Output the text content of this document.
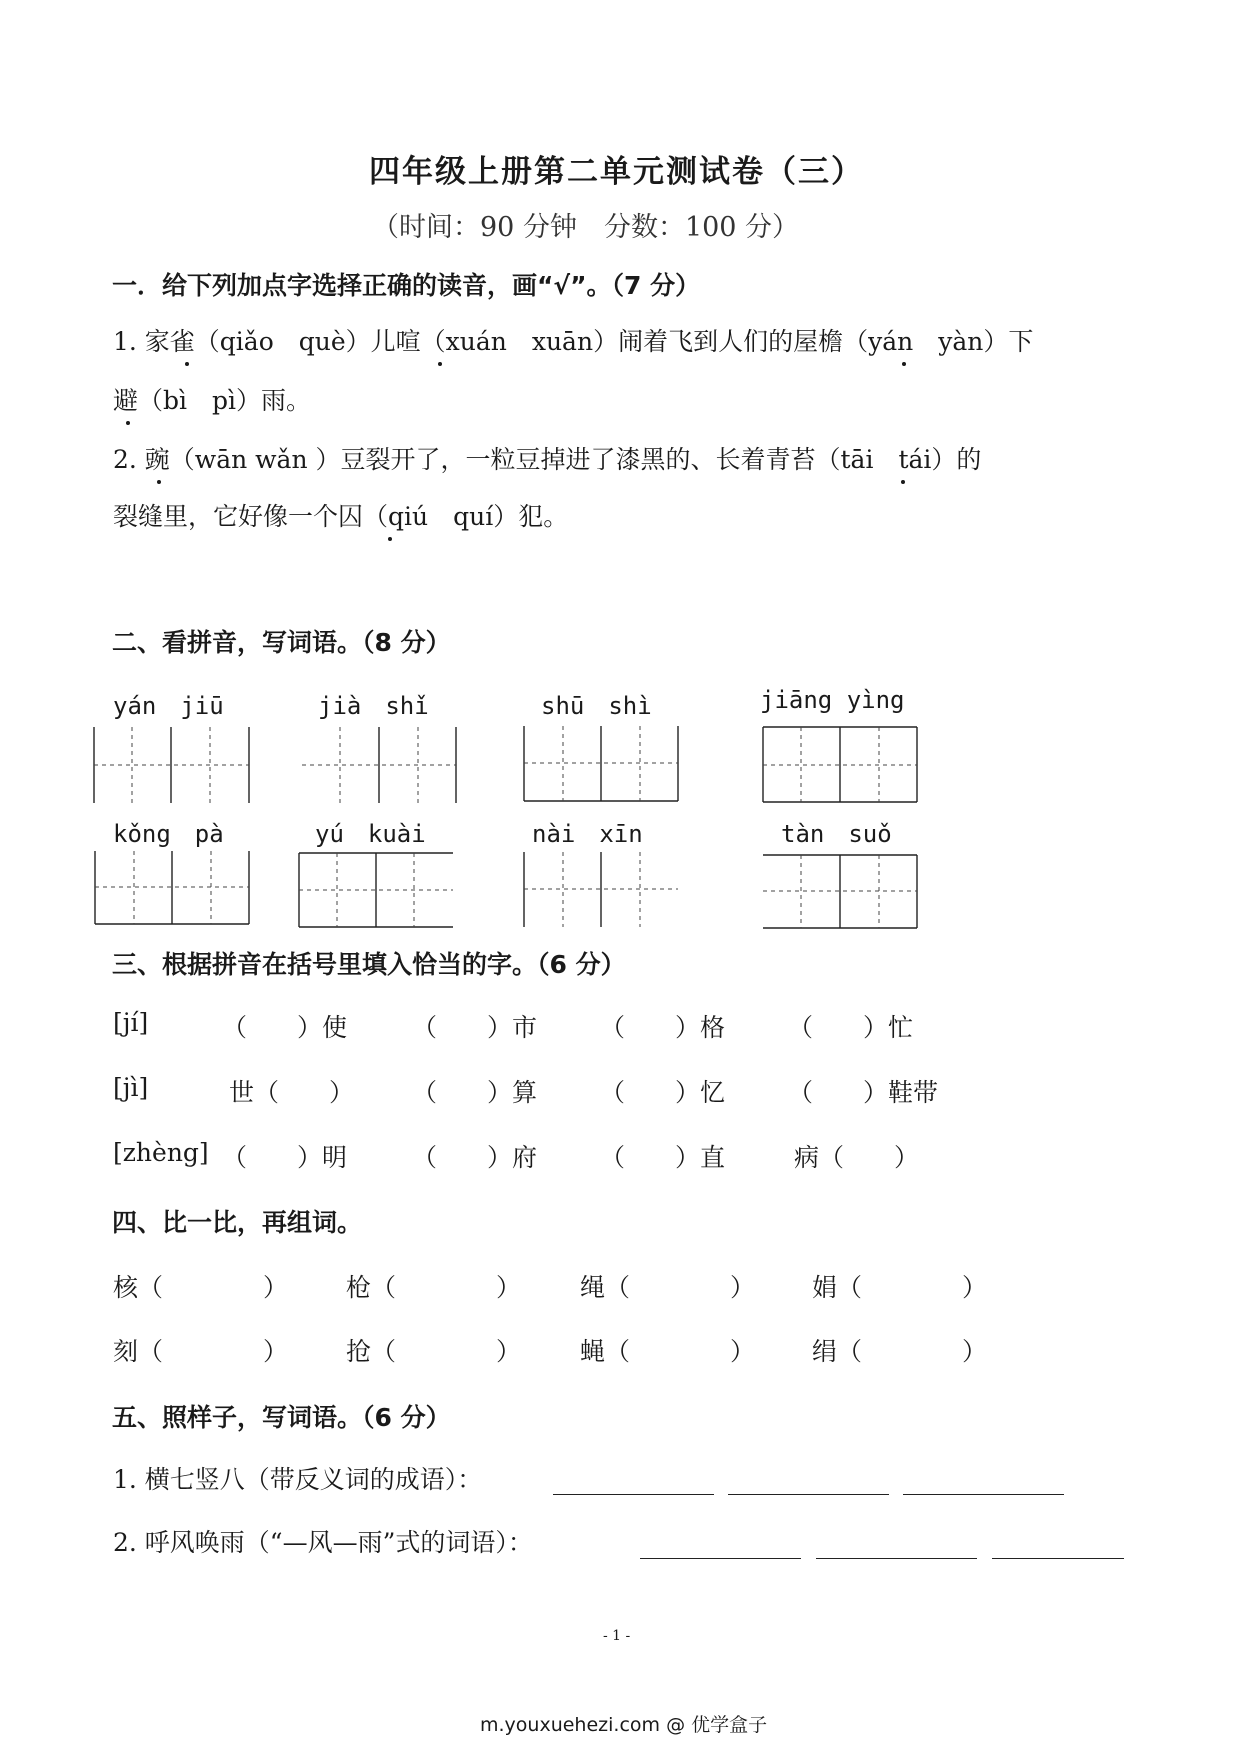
四年级上册第二单元测试卷（三）
（时间：90 分钟　分数：100 分）
一．给下列加点字选择正确的读音，画“√”。（7 分）
1. 家雀（qiǎo　què）儿喧（xuán　xuān）闹着飞到人们的屋檐（yán　yàn）下
避（bì　pì）雨。
2. 豌（wān wǎn ）豆裂开了，一粒豆掉进了漆黑的、长着青苔（tāi　tái）的
裂缝里，它好像一个囚（qiú　quí）犯。
二、看拼音，写词语。（8 分）
yán　jiū	jià　shǐ	shū　shì	jiāng yìng
kǒng　pà	yú　kuài	nài　xīn	tàn　suǒ
三、根据拼音在括号里填入恰当的字。（6 分）
[jí]	（　　）使	（　　）市	（　　）格	（　　）忙
[jì]	世（　　） （　　）算	（　　）忆	（　　）鞋带
[zhèng] （　　）明	（　　）府	（　　）直	病（　　）
四、比一比，再组词。
核（　　　　） 枪（　　　　） 绳（　　　　） 娟（　　　　）
刻（　　　　） 抢（　　　　） 蝇（　　　　） 绢（　　　　）
五、照样子，写词语。（6 分）
1. 横七竖八（带反义词的成语）：
2. 呼风唤雨（“—风—雨”式的词语）：
- 1 -
m.youxuehezi.com @ 优学盒子
